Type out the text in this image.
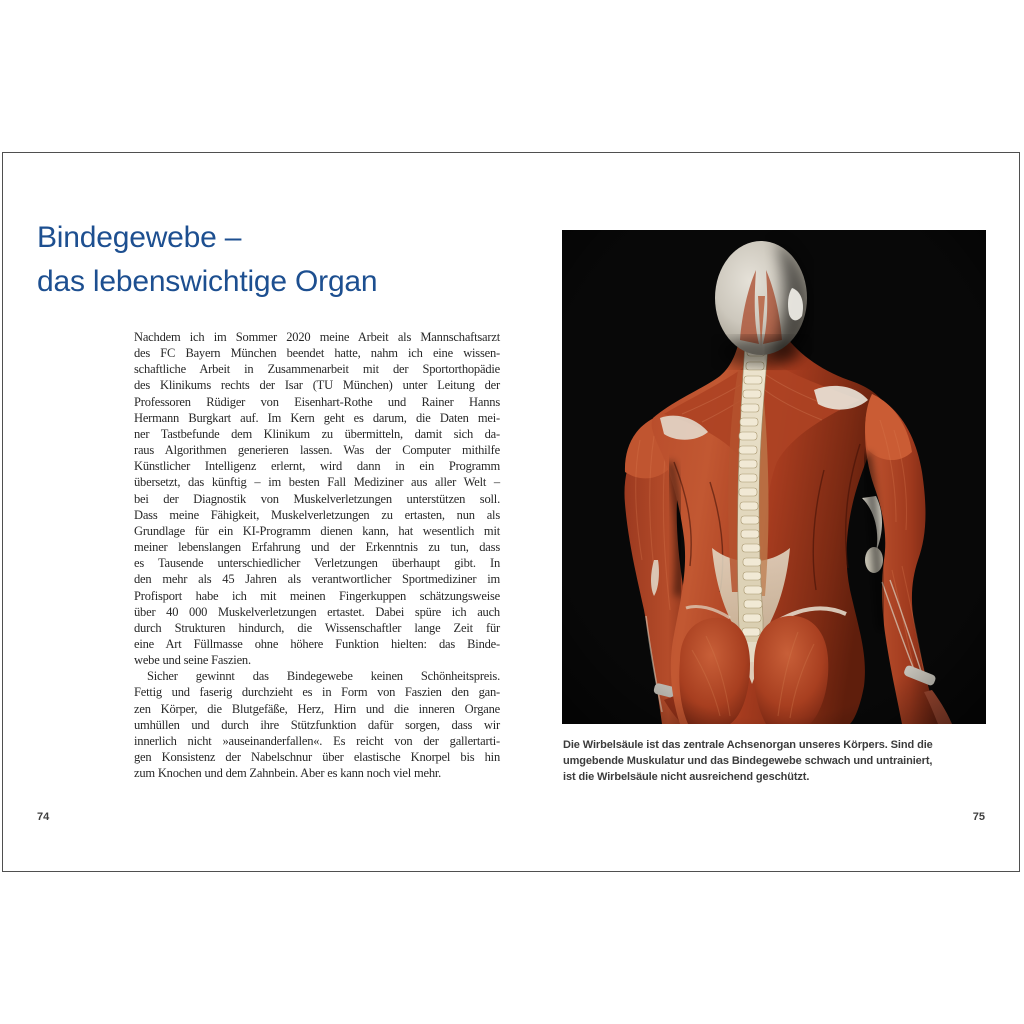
Bindegewebe –
das lebenswichtige Organ
Nachdem ich im Sommer 2020 meine Arbeit als Mannschaftsarzt
des FC Bayern München beendet hatte, nahm ich eine wissen-
schaftliche Arbeit in Zusammenarbeit mit der Sportorthopädie
des Klinikums rechts der Isar (TU München) unter Leitung der
Professoren Rüdiger von Eisenhart-Rothe und Rainer Hanns
Hermann Burgkart auf. Im Kern geht es darum, die Daten mei-
ner Tastbefunde dem Klinikum zu übermitteln, damit sich da-
raus Algorithmen generieren lassen. Was der Computer mithilfe
Künstlicher Intelligenz erlernt, wird dann in ein Programm
übersetzt, das künftig – im besten Fall Mediziner aus aller Welt –
bei der Diagnostik von Muskelverletzungen unterstützen soll.
Dass meine Fähigkeit, Muskelverletzungen zu ertasten, nun als
Grundlage für ein KI-Programm dienen kann, hat wesentlich mit
meiner lebenslangen Erfahrung und der Erkenntnis zu tun, dass
es Tausende unterschiedlicher Verletzungen überhaupt gibt. In
den mehr als 45 Jahren als verantwortlicher Sportmediziner im
Profisport habe ich mit meinen Fingerkuppen schätzungsweise
über 40 000 Muskelverletzungen ertastet. Dabei spüre ich auch
durch Strukturen hindurch, die Wissenschaftler lange Zeit für
eine Art Füllmasse ohne höhere Funktion hielten: das Binde-
webe und seine Faszien.
Sicher gewinnt das Bindegewebe keinen Schönheitspreis.
Fettig und faserig durchzieht es in Form von Faszien den gan-
zen Körper, die Blutgefäße, Herz, Hirn und die inneren Organe
umhüllen und durch ihre Stützfunktion dafür sorgen, dass wir
innerlich nicht »auseinanderfallen«. Es reicht von der gallertarti-
gen Konsistenz der Nabelschnur über elastische Knorpel bis hin
zum Knochen und dem Zahnbein. Aber es kann noch viel mehr.
74
Die Wirbelsäule ist das zentrale Achsenorgan unseres Körpers. Sind die
umgebende Muskulatur und das Bindegewebe schwach und untrainiert,
ist die Wirbelsäule nicht ausreichend geschützt.
75
